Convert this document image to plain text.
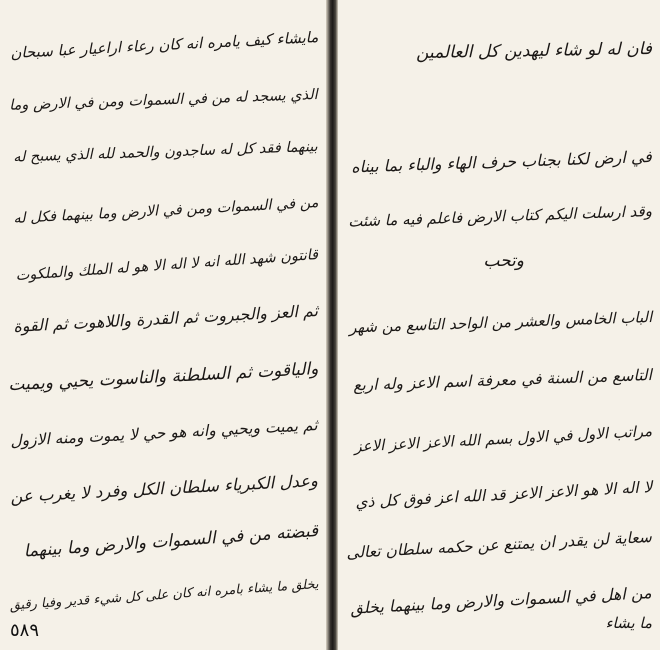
مايشاء كيف يامره انه كان رعاء اراعيار عبا سبحان
الذي يسجد له من في السموات ومن في الارض وما
بينهما فقد كل له ساجدون والحمد لله الذي يسبح له
من في السموات ومن في الارض وما بينهما فكل له
قانتون شهد الله انه لا اله الا هو له الملك والملكوت
ثم العز والجبروت ثم القدرة واللاهوت ثم القوة
والياقوت ثم السلطنة والناسوت يحيي ويميت
ثم يميت ويحيي وانه هو حي لا يموت ومنه الازول
وعدل الكبرياء سلطان الكل وفرد لا يغرب عن
قبضته من في السموات والارض وما بينهما
يخلق ما يشاء بامره انه كان على كل شيء قدير وفيا رقيق
٥٨٩
فان له لو شاء ليهدين كل العالمين
في ارض لكنا بجناب حرف الهاء والباء بما بيناه
وقد ارسلت اليكم كتاب الارض فاعلم فيه ما شئت
وتحب
الباب الخامس والعشر من الواحد التاسع من شهر
التاسع من السنة في معرفة اسم الاعز وله اربع
مراتب الاول في الاول بسم الله الاعز الاعز الاعز
لا اله الا هو الاعز الاعز قد الله اعز فوق كل ذي
سعاية لن يقدر ان يمتنع عن حكمه سلطان تعالى
من اهل في السموات والارض وما بينهما يخلق
ما يشاء
